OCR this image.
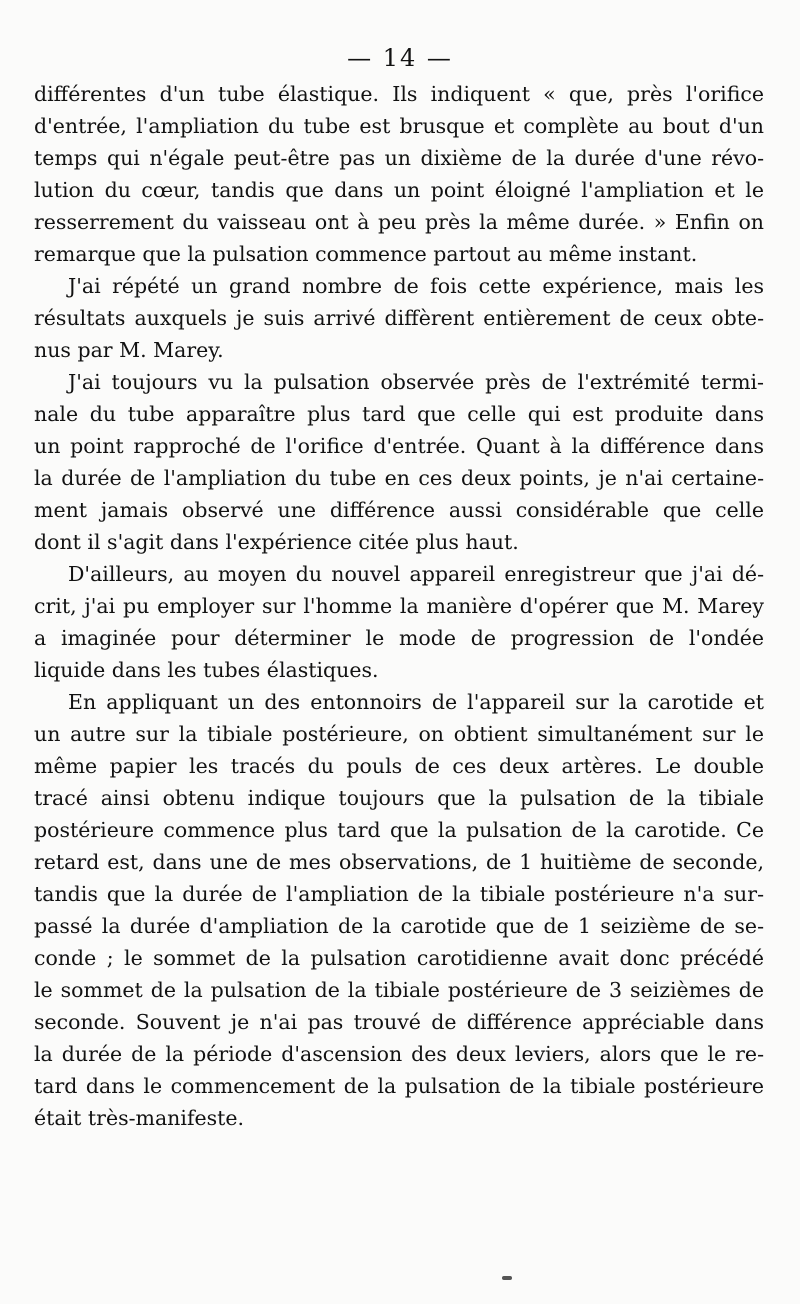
— 14 —
différentes d'un tube élastique. Ils indiquent « que, près l'orifice
d'entrée, l'ampliation du tube est brusque et complète au bout d'un
temps qui n'égale peut-être pas un dixième de la durée d'une révo-
lution du cœur, tandis que dans un point éloigné l'ampliation et le
resserrement du vaisseau ont à peu près la même durée. » Enfin on
remarque que la pulsation commence partout au même instant.
J'ai répété un grand nombre de fois cette expérience, mais les
résultats auxquels je suis arrivé diffèrent entièrement de ceux obte-
nus par M. Marey.
J'ai toujours vu la pulsation observée près de l'extrémité termi-
nale du tube apparaître plus tard que celle qui est produite dans
un point rapproché de l'orifice d'entrée. Quant à la différence dans
la durée de l'ampliation du tube en ces deux points, je n'ai certaine-
ment jamais observé une différence aussi considérable que celle
dont il s'agit dans l'expérience citée plus haut.
D'ailleurs, au moyen du nouvel appareil enregistreur que j'ai dé-
crit, j'ai pu employer sur l'homme la manière d'opérer que M. Marey
a imaginée pour déterminer le mode de progression de l'ondée
liquide dans les tubes élastiques.
En appliquant un des entonnoirs de l'appareil sur la carotide et
un autre sur la tibiale postérieure, on obtient simultanément sur le
même papier les tracés du pouls de ces deux artères. Le double
tracé ainsi obtenu indique toujours que la pulsation de la tibiale
postérieure commence plus tard que la pulsation de la carotide. Ce
retard est, dans une de mes observations, de 1 huitième de seconde,
tandis que la durée de l'ampliation de la tibiale postérieure n'a sur-
passé la durée d'ampliation de la carotide que de 1 seizième de se-
conde ; le sommet de la pulsation carotidienne avait donc précédé
le sommet de la pulsation de la tibiale postérieure de 3 seizièmes de
seconde. Souvent je n'ai pas trouvé de différence appréciable dans
la durée de la période d'ascension des deux leviers, alors que le re-
tard dans le commencement de la pulsation de la tibiale postérieure
était très-manifeste.
